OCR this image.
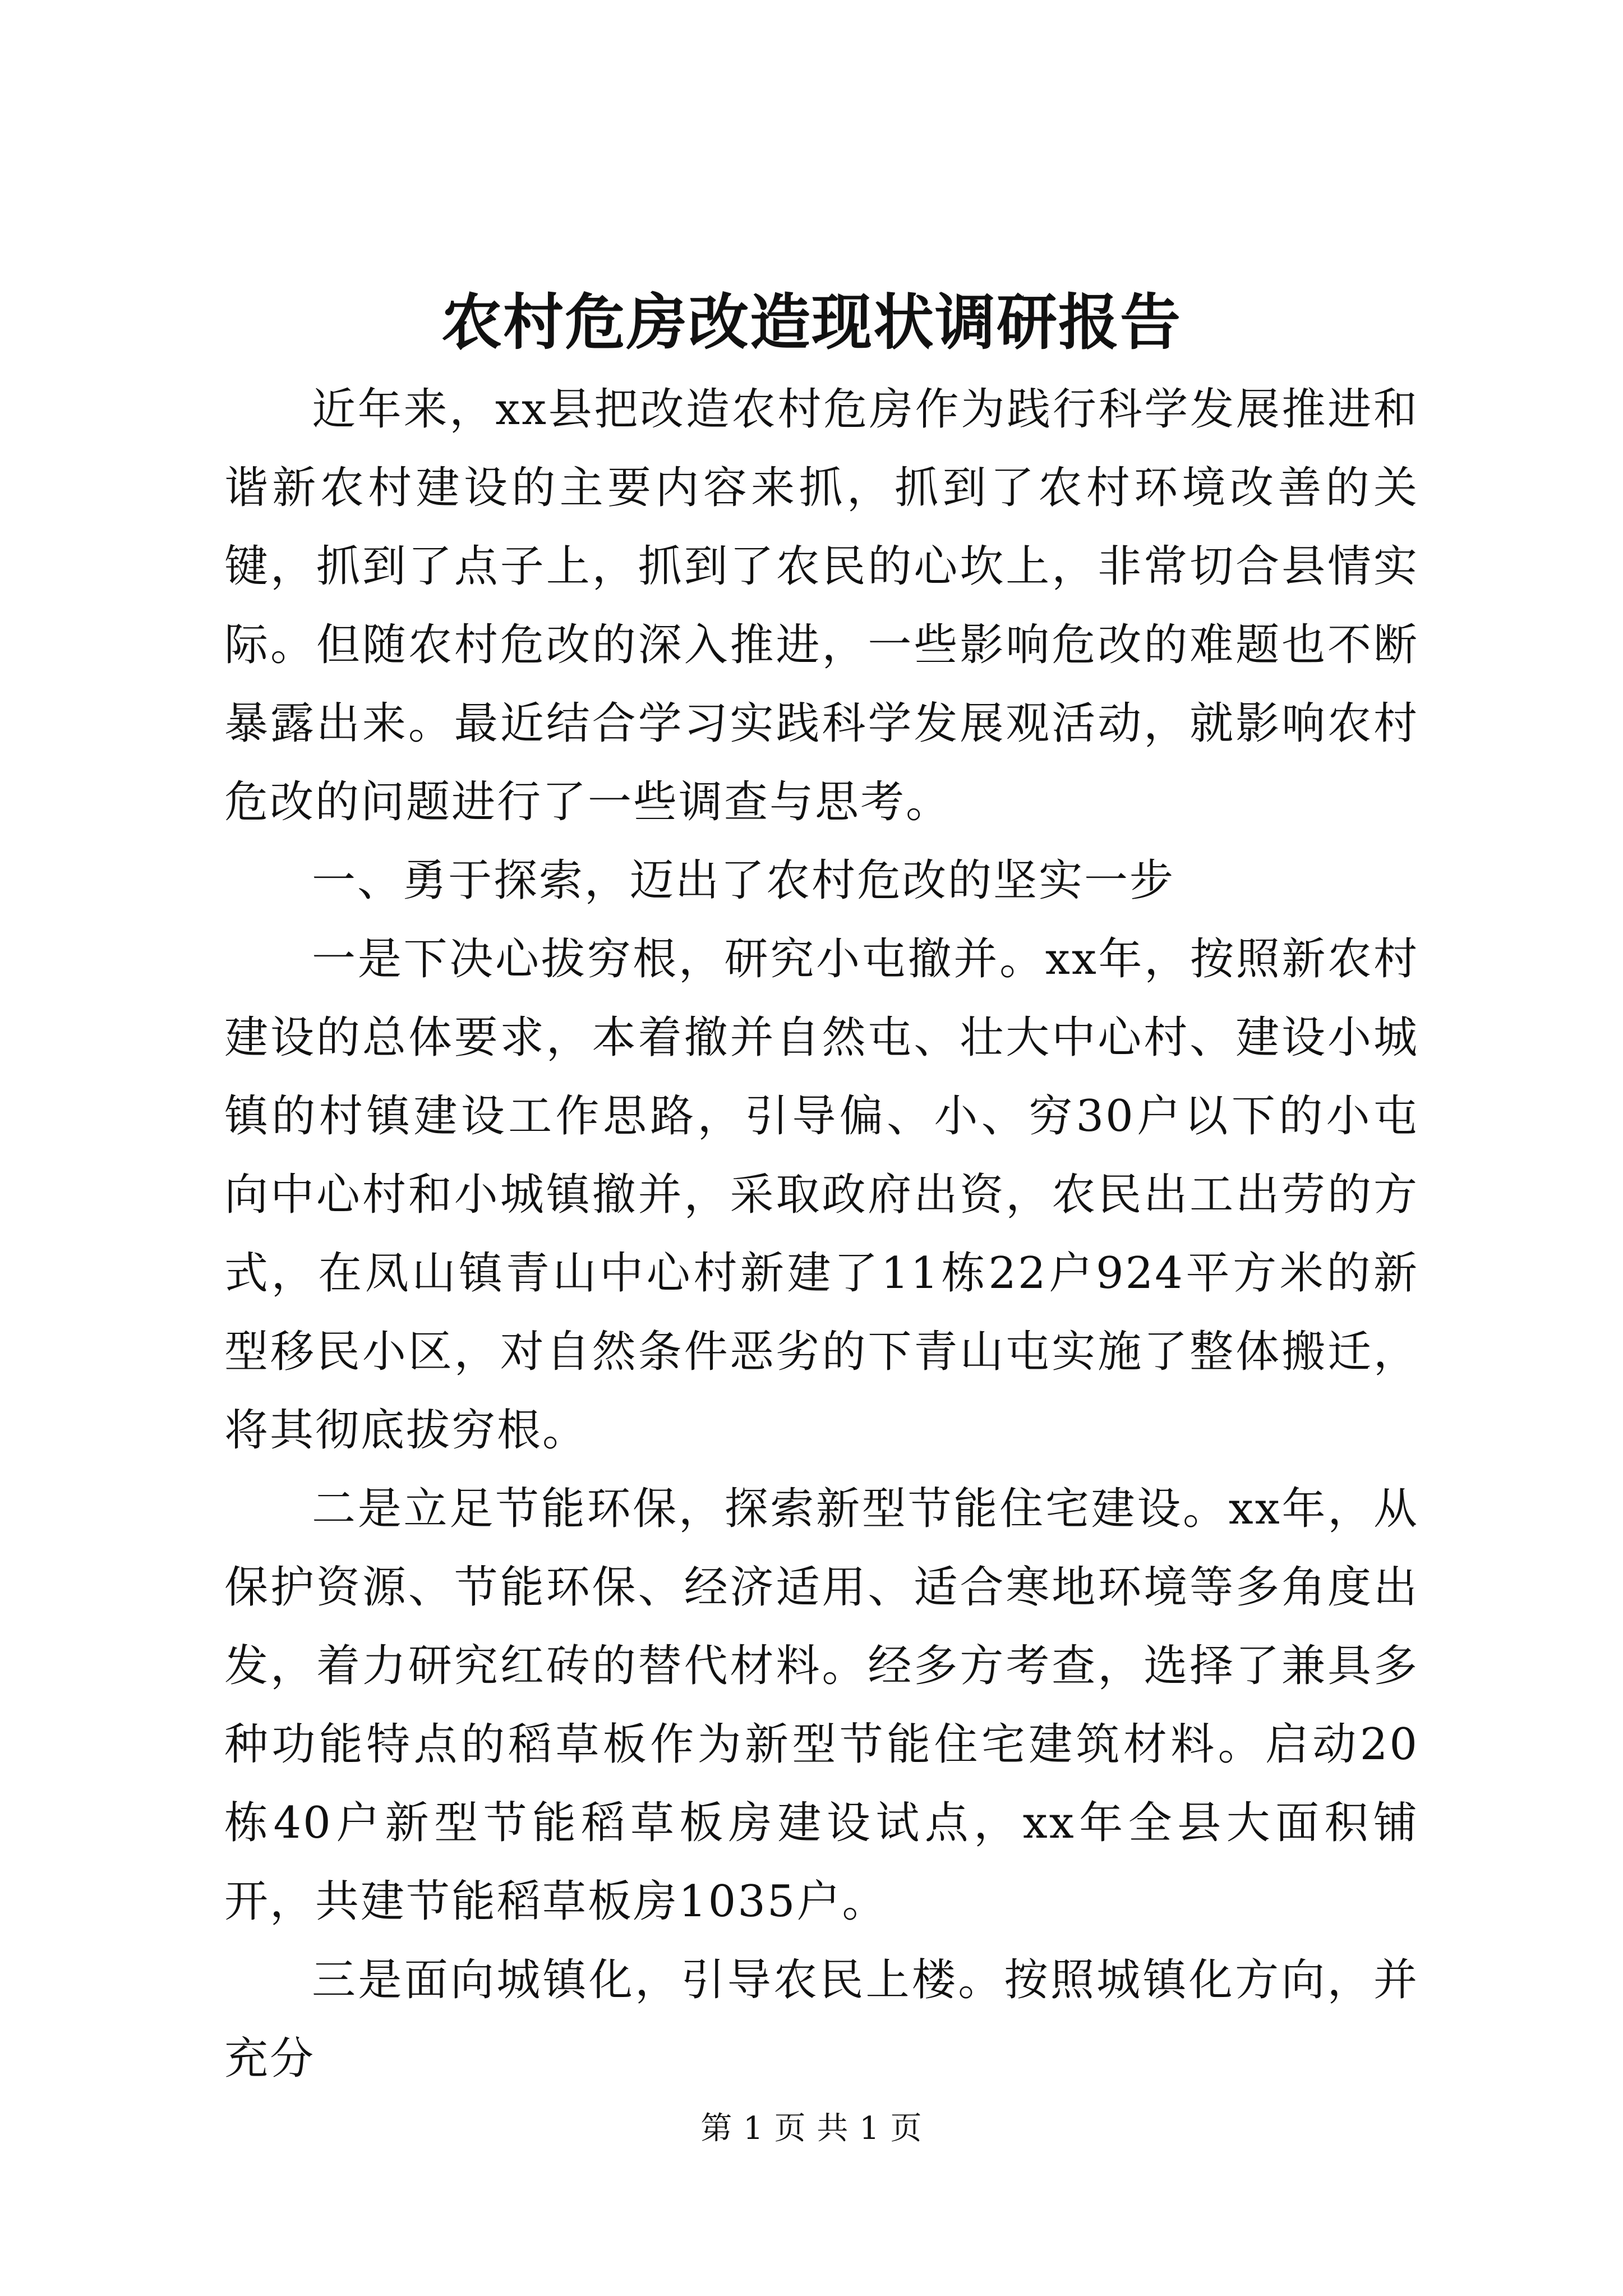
农村危房改造现状调研报告

近年来，xx县把改造农村危房作为践行科学发展推进和谐新农村建设的主要内容来抓，抓到了农村环境改善的关键，抓到了点子上，抓到了农民的心坎上，非常切合县情实际。但随农村危改的深入推进，一些影响危改的难题也不断暴露出来。最近结合学习实践科学发展观活动，就影响农村危改的问题进行了一些调查与思考。

一、勇于探索，迈出了农村危改的坚实一步

一是下决心拔穷根，研究小屯撤并。xx年，按照新农村建设的总体要求，本着撤并自然屯、壮大中心村、建设小城镇的村镇建设工作思路，引导偏、小、穷30户以下的小屯向中心村和小城镇撤并，采取政府出资，农民出工出劳的方式，在凤山镇青山中心村新建了11栋22户924平方米的新型移民小区，对自然条件恶劣的下青山屯实施了整体搬迁，将其彻底拔穷根。

二是立足节能环保，探索新型节能住宅建设。xx年，从保护资源、节能环保、经济适用、适合寒地环境等多角度出发，着力研究红砖的替代材料。经多方考查，选择了兼具多种功能特点的稻草板作为新型节能住宅建筑材料。启动20栋40户新型节能稻草板房建设试点，xx年全县大面积铺开，共建节能稻草板房1035户。

三是面向城镇化，引导农民上楼。按照城镇化方向，并充分

第 1 页 共 1 页
